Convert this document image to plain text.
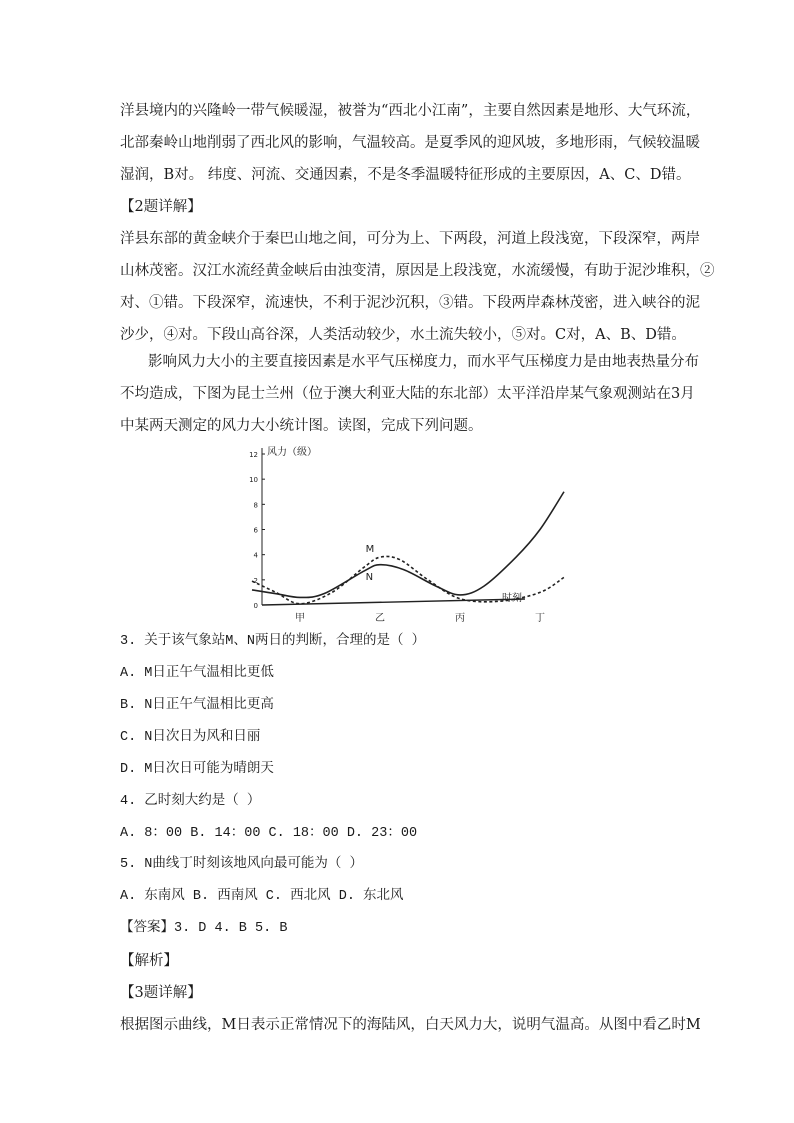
洋县境内的兴隆岭一带气候暖湿，被誉为“西北小江南”，主要自然因素是地形、大气环流，
北部秦岭山地削弱了西北风的影响，气温较高。是夏季风的迎风坡，多地形雨，气候较温暖
湿润，B对。 纬度、河流、交通因素，不是冬季温暖特征形成的主要原因，A、C、D错。
【2题详解】
洋县东部的黄金峡介于秦巴山地之间，可分为上、下两段，河道上段浅宽，下段深窄，两岸
山林茂密。汉江水流经黄金峡后由浊变清，原因是上段浅宽，水流缓慢，有助于泥沙堆积，②
对、①错。下段深窄，流速快，不利于泥沙沉积，③错。下段两岸森林茂密，进入峡谷的泥
沙少，④对。下段山高谷深，人类活动较少，水土流失较小，⑤对。C对，A、B、D错。
影响风力大小的主要直接因素是水平气压梯度力，而水平气压梯度力是由地表热量分布
不均造成，下图为昆士兰州（位于澳大利亚大陆的东北部）太平洋沿岸某气象观测站在3月
中某两天测定的风力大小统计图。读图，完成下列问题。
0
2
4
6
8
10
12 风力（级）
甲	乙	丙	丁
时刻
M
N
3. 关于该气象站M、N两日的判断，合理的是（ ）
A. M日正午气温相比更低
B. N日正午气温相比更高
C. N日次日为风和日丽
D. M日次日可能为晴朗天
4. 乙时刻大约是（ ）
A. 8：00 B. 14：00 C. 18：00 D. 23：00
5. N曲线丁时刻该地风向最可能为（ ）
A. 东南风 B. 西南风 C. 西北风 D. 东北风
【答案】3. D 4. B 5. B
【解析】
【3题详解】
根据图示曲线，M日表示正常情况下的海陆风，白天风力大，说明气温高。从图中看乙时M
